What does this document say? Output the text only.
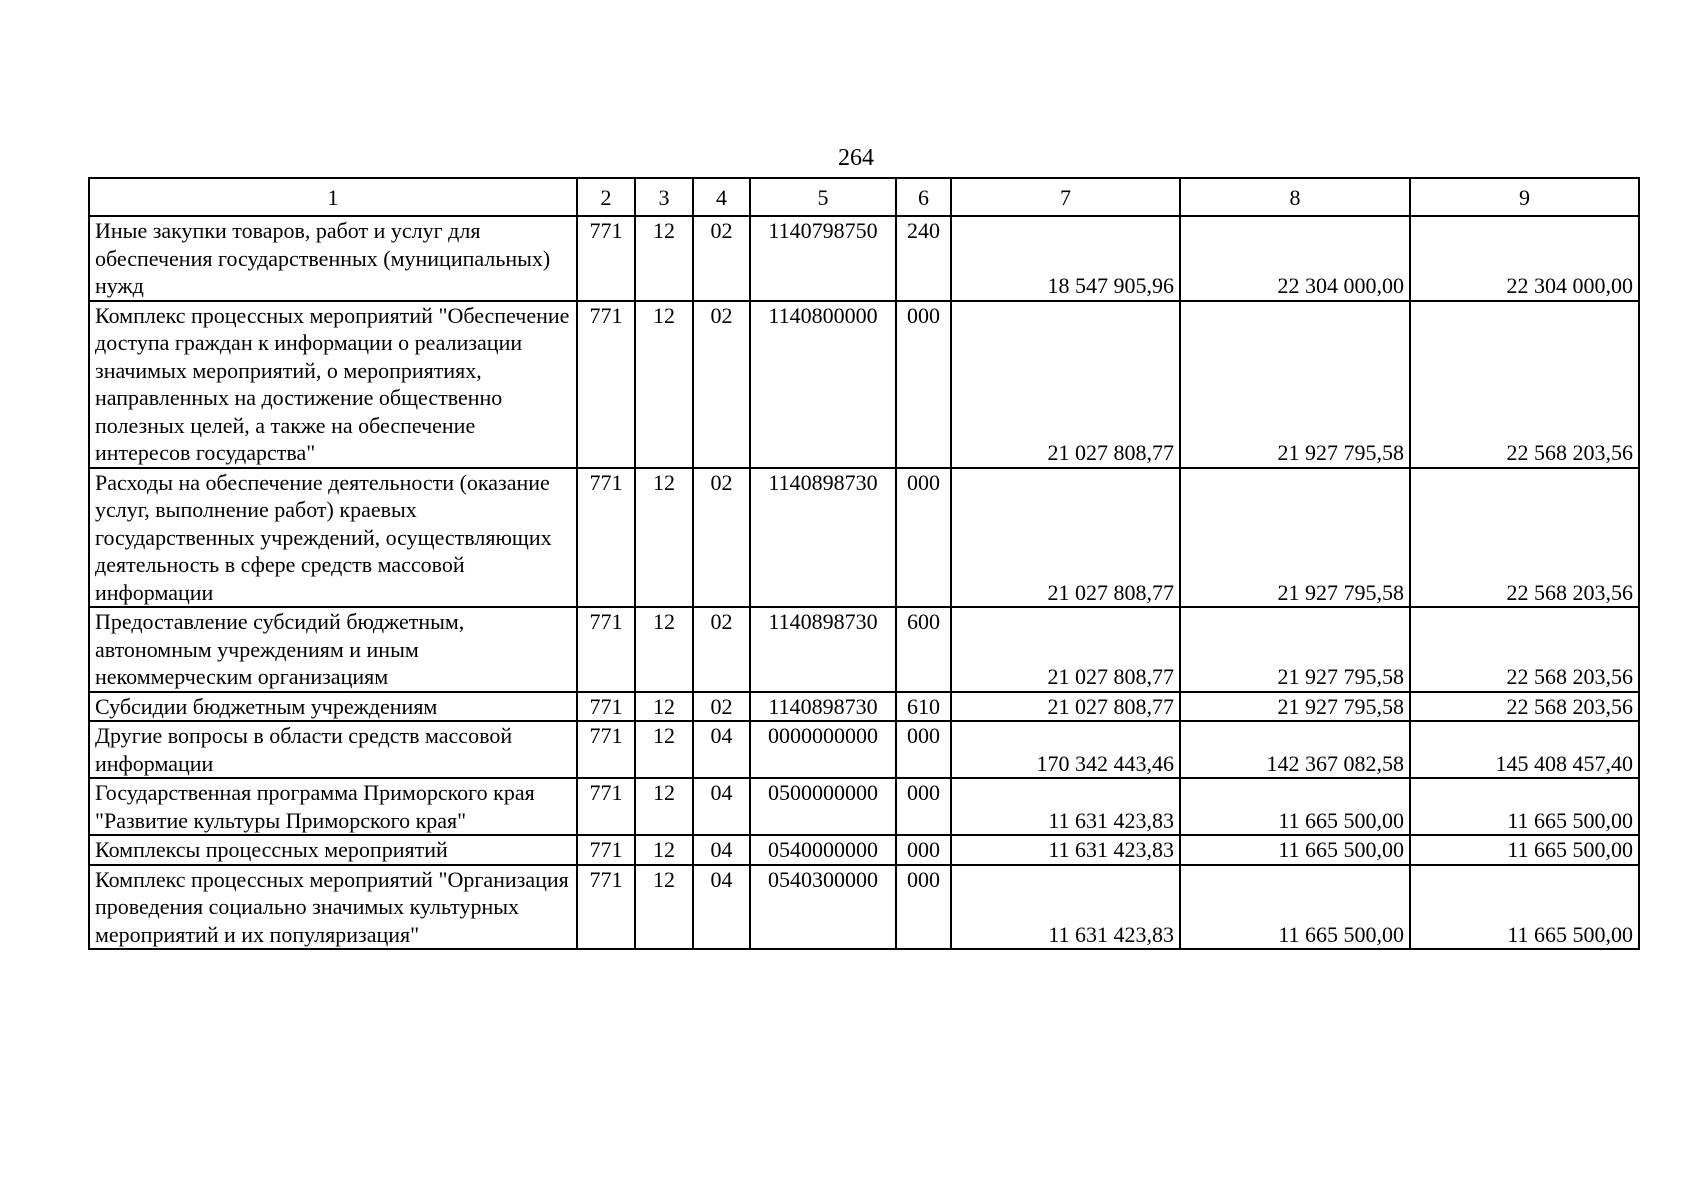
264
1	2	3	4	5	6	7	8	9
Иные закупки товаров, работ и услуг для обеспечения государственных (муниципальных) нужд	771	12	02	1140798750	240	18 547 905,96	22 304 000,00	22 304 000,00
Комплекс процессных мероприятий "Обеспечение доступа граждан к информации о реализации значимых мероприятий, о мероприятиях, направленных на достижение общественно полезных целей, а также на обеспечение интересов государства"	771	12	02	1140800000	000	21 027 808,77	21 927 795,58	22 568 203,56
Расходы на обеспечение деятельности (оказание услуг, выполнение работ) краевых государственных учреждений, осуществляющих деятельность в сфере средств массовой информации	771	12	02	1140898730	000	21 027 808,77	21 927 795,58	22 568 203,56
Предоставление субсидий бюджетным, автономным учреждениям и иным некоммерческим организациям	771	12	02	1140898730	600	21 027 808,77	21 927 795,58	22 568 203,56
Субсидии бюджетным учреждениям	771	12	02	1140898730	610	21 027 808,77	21 927 795,58	22 568 203,56
Другие вопросы в области средств массовой информации	771	12	04	0000000000	000	170 342 443,46	142 367 082,58	145 408 457,40
Государственная программа Приморского края "Развитие культуры Приморского края"	771	12	04	0500000000	000	11 631 423,83	11 665 500,00	11 665 500,00
Комплексы процессных мероприятий	771	12	04	0540000000	000	11 631 423,83	11 665 500,00	11 665 500,00
Комплекс процессных мероприятий "Организация проведения социально значимых культурных мероприятий и их популяризация"	771	12	04	0540300000	000	11 631 423,83	11 665 500,00	11 665 500,00
